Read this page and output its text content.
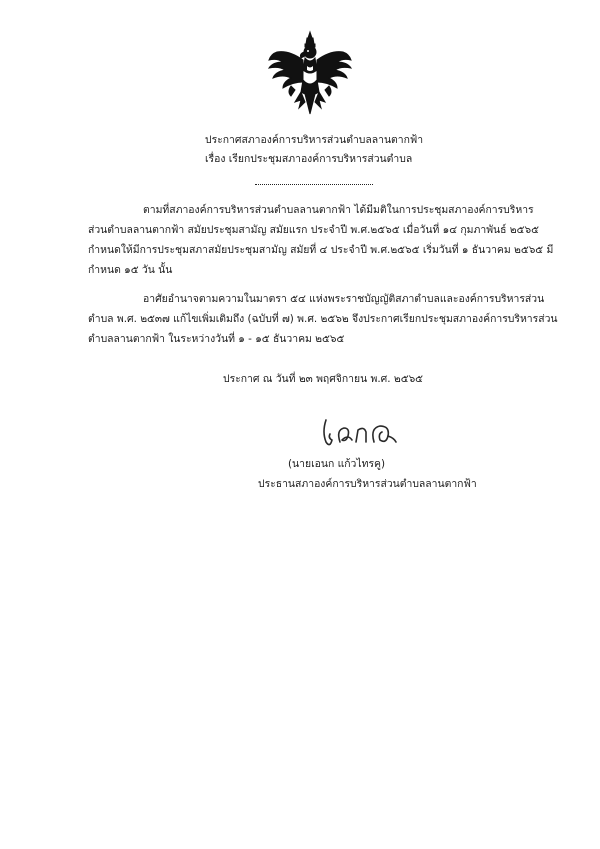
ประกาศสภาองค์การบริหารส่วนตำบลลานตากฟ้า
เรื่อง เรียกประชุมสภาองค์การบริหารส่วนตำบล
ตามที่สภาองค์การบริหารส่วนตำบลลานตากฟ้า ได้มีมติในการประชุมสภาองค์การบริหาร
ส่วนตำบลลานตากฟ้า สมัยประชุมสามัญ สมัยแรก ประจำปี พ.ศ.๒๕๖๕ เมื่อวันที่ ๑๔ กุมภาพันธ์ ๒๕๖๕
กำหนดให้มีการประชุมสภาสมัยประชุมสามัญ สมัยที่ ๔ ประจำปี พ.ศ.๒๕๖๕ เริ่มวันที่ ๑ ธันวาคม ๒๕๖๕ มี
กำหนด ๑๕ วัน นั้น
อาศัยอำนาจตามความในมาตรา ๕๔ แห่งพระราชบัญญัติสภาตำบลและองค์การบริหารส่วน
ตำบล พ.ศ. ๒๕๓๗ แก้ไขเพิ่มเติมถึง (ฉบับที่ ๗) พ.ศ. ๒๕๖๒ จึงประกาศเรียกประชุมสภาองค์การบริหารส่วน
ตำบลลานตากฟ้า ในระหว่างวันที่ ๑ - ๑๕ ธันวาคม ๒๕๖๕
ประกาศ ณ วันที่ ๒๓ พฤศจิกายน พ.ศ. ๒๕๖๕
(นายเอนก แก้วไทรคู)
ประธานสภาองค์การบริหารส่วนตำบลลานตากฟ้า
